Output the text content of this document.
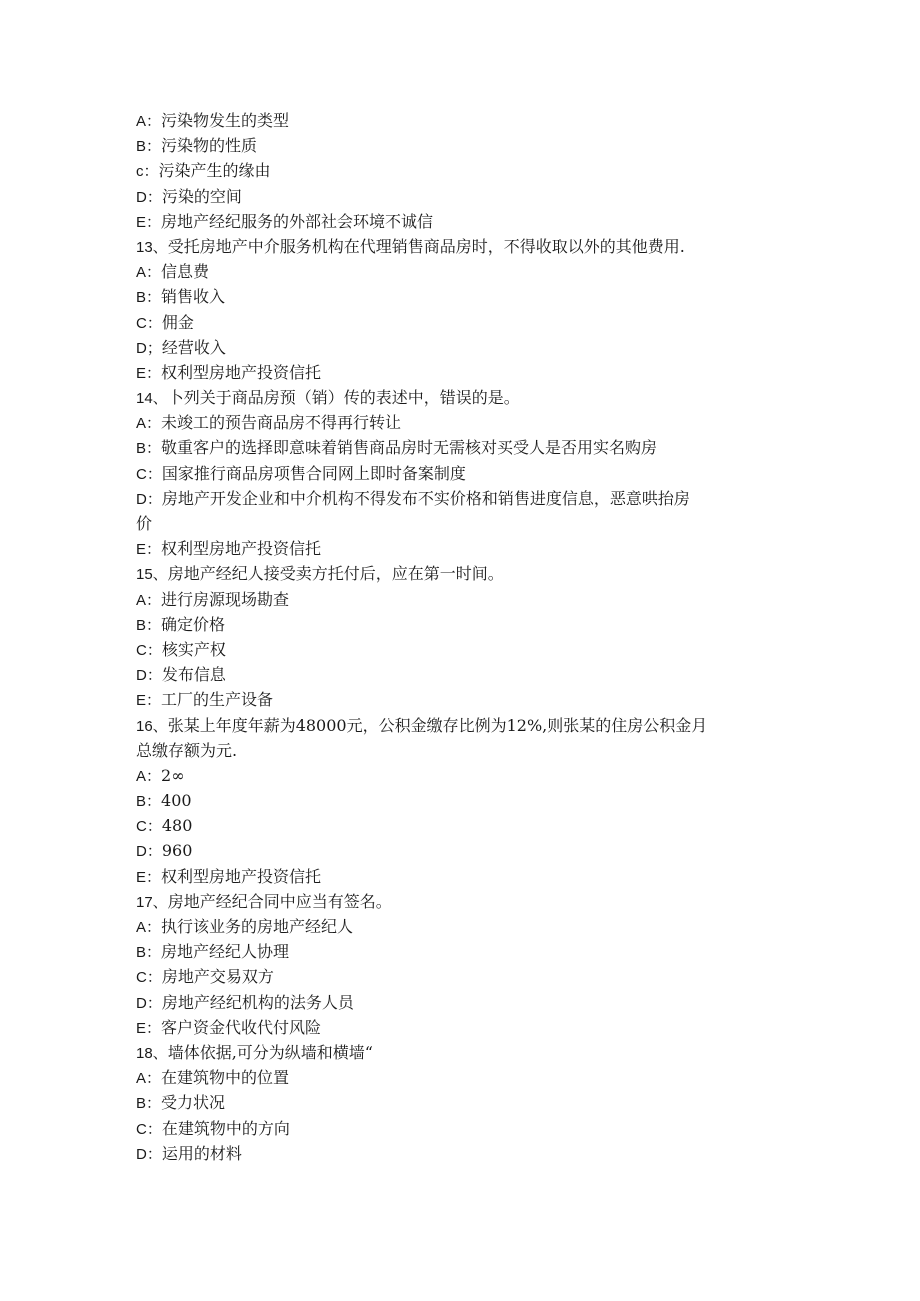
A：污染物发生的类型
B：污染物的性质
c：污染产生的缘由
D：污染的空间
E：房地产经纪服务的外部社会环境不诚信
13、受托房地产中介服务机构在代理销售商品房时，不得收取以外的其他费用.
A：信息费
B：销售收入
C：佣金
D；经营收入
E：权利型房地产投资信托
14、卜列关于商品房预（销）传的表述中，错误的是。
A：未竣工的预告商品房不得再行转让
B：敬重客户的选择即意味着销售商品房时无需核对买受人是否用实名购房
C：国家推行商品房项售合同网上即时备案制度
D：房地产开发企业和中介机构不得发布不实价格和销售进度信息，恶意哄抬房
价
E：权利型房地产投资信托
15、房地产经纪人接受卖方托付后，应在第一时间。
A：进行房源现场勘查
B：确定价格
C：核实产权
D：发布信息
E：工厂的生产设备
16、张某上年度年薪为48000元，公积金缴存比例为12%,则张某的住房公积金月
总缴存额为元.
A：2∞
B：400
C：480
D：960
E：权利型房地产投资信托
17、房地产经纪合同中应当有签名。
A：执行该业务的房地产经纪人
B：房地产经纪人协理
C：房地产交易双方
D：房地产经纪机构的法务人员
E：客户资金代收代付风险
18、墙体依据,可分为纵墙和横墙“
A：在建筑物中的位置
B：受力状况
C：在建筑物中的方向
D：运用的材料
